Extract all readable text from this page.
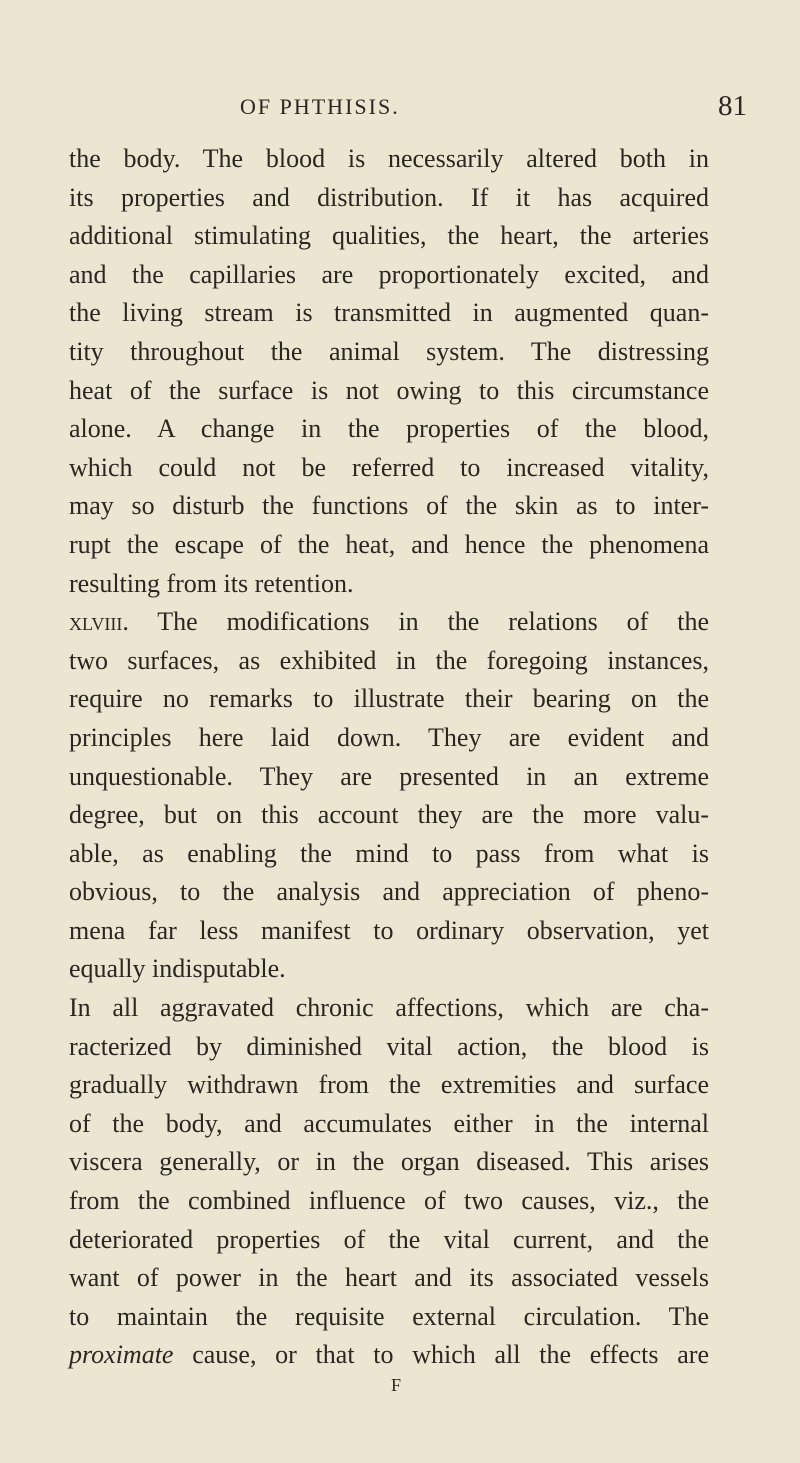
OF PHTHISIS.	81
the body. The blood is necessarily altered both in
its properties and distribution. If it has acquired
additional stimulating qualities, the heart, the arteries
and the capillaries are proportionately excited, and
the living stream is transmitted in augmented quan-
tity throughout the animal system. The distressing
heat of the surface is not owing to this circumstance
alone. A change in the properties of the blood,
which could not be referred to increased vitality,
may so disturb the functions of the skin as to inter-
rupt the escape of the heat, and hence the phenomena
resulting from its retention.
xlviii. The modifications in the relations of the
two surfaces, as exhibited in the foregoing instances,
require no remarks to illustrate their bearing on the
principles here laid down. They are evident and
unquestionable. They are presented in an extreme
degree, but on this account they are the more valu-
able, as enabling the mind to pass from what is
obvious, to the analysis and appreciation of pheno-
mena far less manifest to ordinary observation, yet
equally indisputable.
In all aggravated chronic affections, which are cha-
racterized by diminished vital action, the blood is
gradually withdrawn from the extremities and surface
of the body, and accumulates either in the internal
viscera generally, or in the organ diseased. This arises
from the combined influence of two causes, viz., the
deteriorated properties of the vital current, and the
want of power in the heart and its associated vessels
to maintain the requisite external circulation. The
proximate cause, or that to which all the effects are
F
